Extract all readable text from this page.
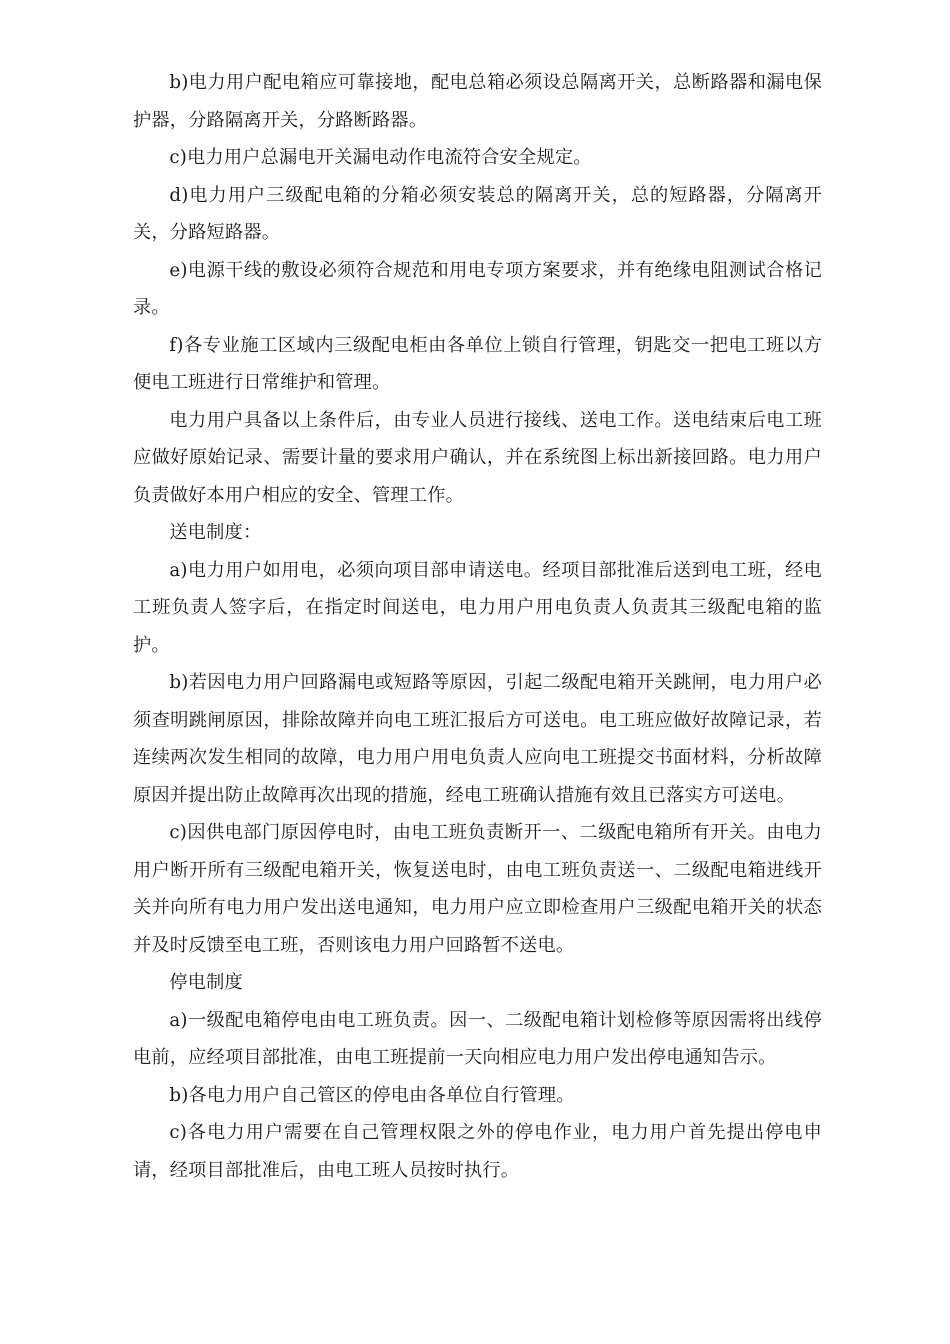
b)电力用户配电箱应可靠接地，配电总箱必须设总隔离开关，总断路器和漏电保护器，分路隔离开关，分路断路器。

c)电力用户总漏电开关漏电动作电流符合安全规定。

d)电力用户三级配电箱的分箱必须安装总的隔离开关，总的短路器，分隔离开关，分路短路器。

e)电源干线的敷设必须符合规范和用电专项方案要求，并有绝缘电阻测试合格记录。

f)各专业施工区域内三级配电柜由各单位上锁自行管理，钥匙交一把电工班以方便电工班进行日常维护和管理。

电力用户具备以上条件后，由专业人员进行接线、送电工作。送电结束后电工班应做好原始记录、需要计量的要求用户确认，并在系统图上标出新接回路。电力用户负责做好本用户相应的安全、管理工作。

送电制度：

a)电力用户如用电，必须向项目部申请送电。经项目部批准后送到电工班，经电工班负责人签字后，在指定时间送电，电力用户用电负责人负责其三级配电箱的监护。

b)若因电力用户回路漏电或短路等原因，引起二级配电箱开关跳闸，电力用户必须查明跳闸原因，排除故障并向电工班汇报后方可送电。电工班应做好故障记录，若连续两次发生相同的故障，电力用户用电负责人应向电工班提交书面材料，分析故障原因并提出防止故障再次出现的措施，经电工班确认措施有效且已落实方可送电。

c)因供电部门原因停电时，由电工班负责断开一、二级配电箱所有开关。由电力用户断开所有三级配电箱开关，恢复送电时，由电工班负责送一、二级配电箱进线开关并向所有电力用户发出送电通知，电力用户应立即检查用户三级配电箱开关的状态并及时反馈至电工班，否则该电力用户回路暂不送电。

停电制度

a)一级配电箱停电由电工班负责。因一、二级配电箱计划检修等原因需将出线停电前，应经项目部批准，由电工班提前一天向相应电力用户发出停电通知告示。

b)各电力用户自己管区的停电由各单位自行管理。

c)各电力用户需要在自己管理权限之外的停电作业，电力用户首先提出停电申请，经项目部批准后，由电工班人员按时执行。
